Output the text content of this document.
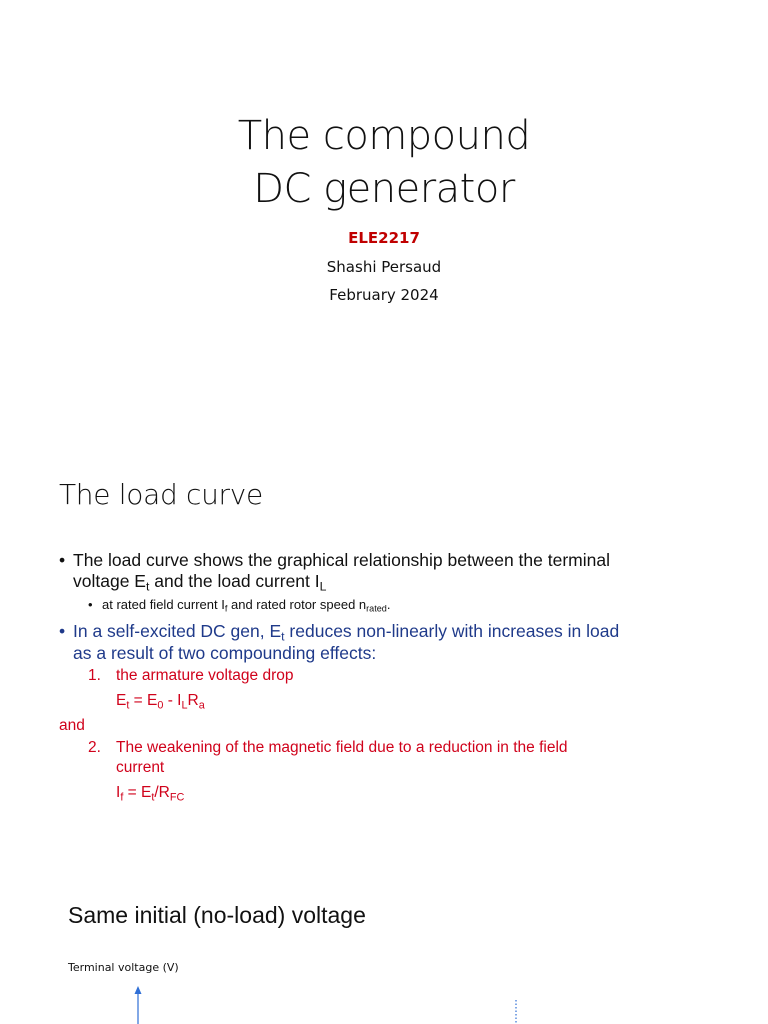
The compound
DC generator
ELE2217
Shashi Persaud
February 2024
The load curve
• The load curve shows the graphical relationship between the terminal
voltage $E_t$ and the load current $I_L$
• at rated field current $I_f$ and rated rotor speed $n_{rated}$.
• In a self-excited DC gen, $E_t$ reduces non-linearly with increases in load
as a result of two compounding effects:
1. the armature voltage drop
$E_t = E_0 - I_LR_a$
and
2. The weakening of the magnetic field due to a reduction in the field
current
$I_f = E_t/R_{FC}$
Same initial (no-load) voltage
Terminal voltage (V)
